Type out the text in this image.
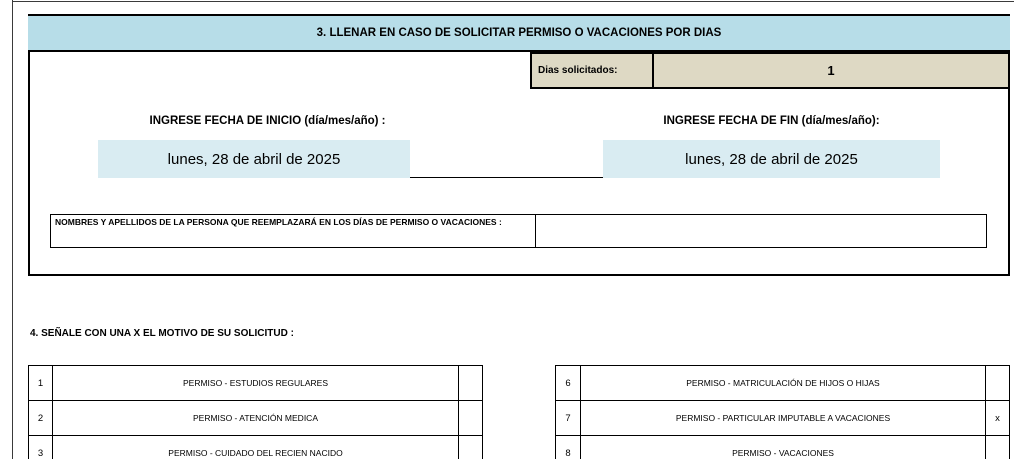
3. LLENAR EN CASO DE SOLICITAR PERMISO O VACACIONES POR DIAS
Dias solicitados:	1
INGRESE FECHA DE INICIO (día/mes/año) :	INGRESE FECHA DE FIN (día/mes/año):
lunes, 28 de abril de 2025	lunes, 28 de abril de 2025
NOMBRES Y APELLIDOS DE LA PERSONA QUE REEMPLAZARÁ EN LOS DÍAS DE PERMISO O VACACIONES :
4. SEÑALE CON UNA X EL MOTIVO DE SU SOLICITUD :
1	PERMISO - ESTUDIOS REGULARES
2	PERMISO - ATENCIÓN MEDICA
3	PERMISO - CUIDADO DEL RECIEN NACIDO
6	PERMISO - MATRICULACIÓN DE HIJOS O HIJAS
7	PERMISO - PARTICULAR IMPUTABLE A VACACIONES	x
8	PERMISO - VACACIONES
